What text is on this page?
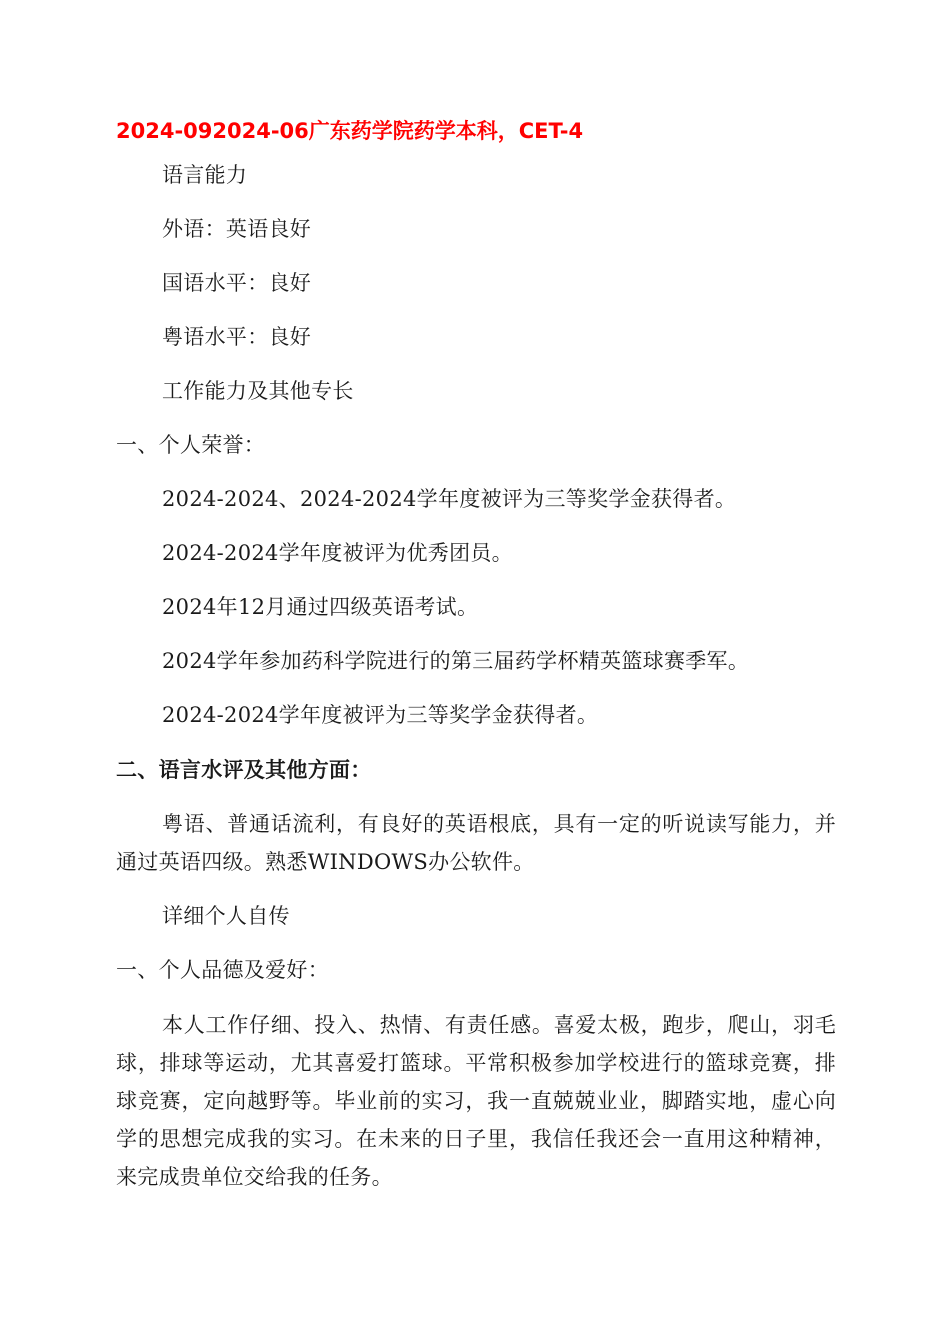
2024-092024-06广东药学院药学本科，CET-4
语言能力
外语：英语良好
国语水平：良好
粤语水平：良好
工作能力及其他专长
一、个人荣誉：
2024-2024、2024-2024学年度被评为三等奖学金获得者。
2024-2024学年度被评为优秀团员。
2024年12月通过四级英语考试。
2024学年参加药科学院进行的第三届药学杯精英篮球赛季军。
2024-2024学年度被评为三等奖学金获得者。
二、语言水评及其他方面：
粤语、普通话流利，有良好的英语根底，具有一定的听说读写能力，并通过英语四级。熟悉WINDOWS办公软件。
详细个人自传
一、个人品德及爱好：
本人工作仔细、投入、热情、有责任感。喜爱太极，跑步，爬山，羽毛球，排球等运动，尤其喜爱打篮球。平常积极参加学校进行的篮球竞赛，排球竞赛，定向越野等。毕业前的实习，我一直兢兢业业，脚踏实地，虚心向学的思想完成我的实习。在未来的日子里，我信任我还会一直用这种精神，来完成贵单位交给我的任务。
